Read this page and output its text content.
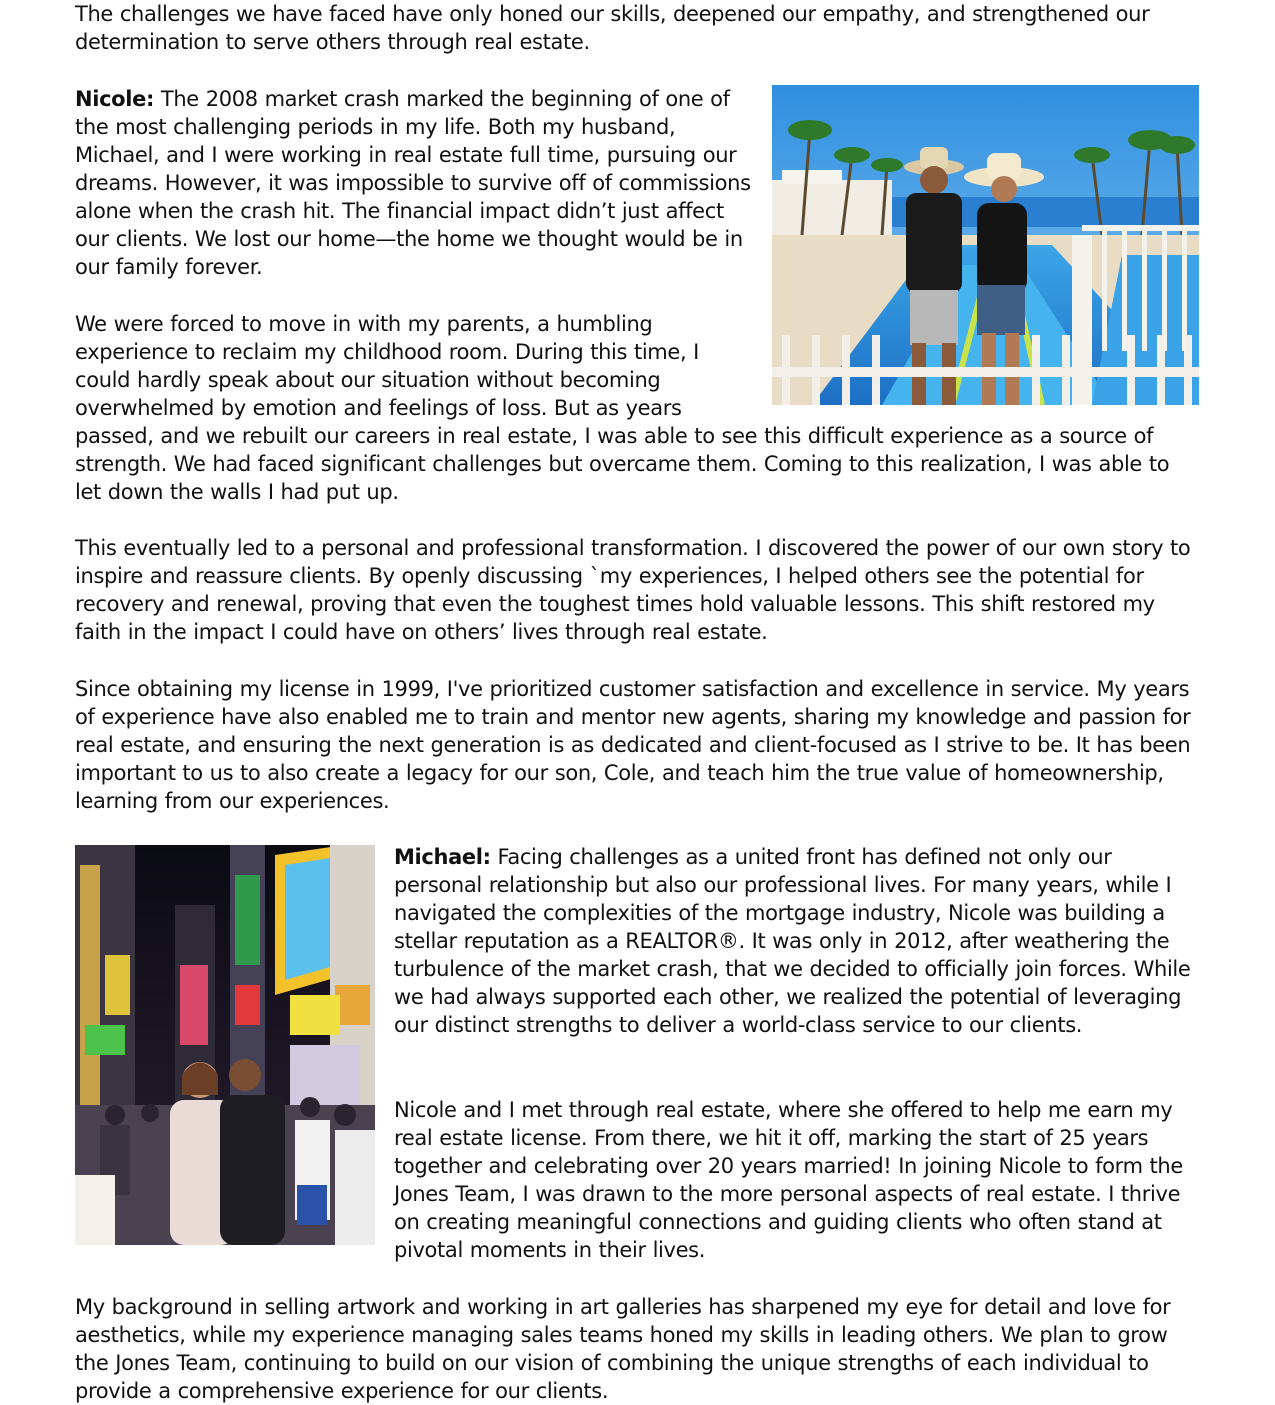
The challenges we have faced have only honed our skills, deepened our empathy, and strengthened our determination to serve others through real estate.

Nicole: The 2008 market crash marked the beginning of one of the most challenging periods in my life. Both my husband, Michael, and I were working in real estate full time, pursuing our dreams. However, it was impossible to survive off of commissions alone when the crash hit. The financial impact didn’t just affect our clients. We lost our home—the home we thought would be in our family forever.

We were forced to move in with my parents, a humbling experience to reclaim my childhood room. During this time, I could hardly speak about our situation without becoming overwhelmed by emotion and feelings of loss. But as years passed, and we rebuilt our careers in real estate, I was able to see this difficult experience as a source of strength. We had faced significant challenges but overcame them. Coming to this realization, I was able to let down the walls I had put up.

This eventually led to a personal and professional transformation. I discovered the power of our own story to inspire and reassure clients. By openly discussing `my experiences, I helped others see the potential for recovery and renewal, proving that even the toughest times hold valuable lessons. This shift restored my faith in the impact I could have on others’ lives through real estate.

Since obtaining my license in 1999, I've prioritized customer satisfaction and excellence in service. My years of experience have also enabled me to train and mentor new agents, sharing my knowledge and passion for real estate, and ensuring the next generation is as dedicated and client-focused as I strive to be. It has been important to us to also create a legacy for our son, Cole, and teach him the true value of homeownership, learning from our experiences.

Michael: Facing challenges as a united front has defined not only our personal relationship but also our professional lives. For many years, while I navigated the complexities of the mortgage industry, Nicole was building a stellar reputation as a REALTOR®. It was only in 2012, after weathering the turbulence of the market crash, that we decided to officially join forces. While we had always supported each other, we realized the potential of leveraging our distinct strengths to deliver a world-class service to our clients.

Nicole and I met through real estate, where she offered to help me earn my real estate license. From there, we hit it off, marking the start of 25 years together and celebrating over 20 years married! In joining Nicole to form the Jones Team, I was drawn to the more personal aspects of real estate. I thrive on creating meaningful connections and guiding clients who often stand at pivotal moments in their lives.

My background in selling artwork and working in art galleries has sharpened my eye for detail and love for aesthetics, while my experience managing sales teams honed my skills in leading others. We plan to grow the Jones Team, continuing to build on our vision of combining the unique strengths of each individual to provide a comprehensive experience for our clients.
